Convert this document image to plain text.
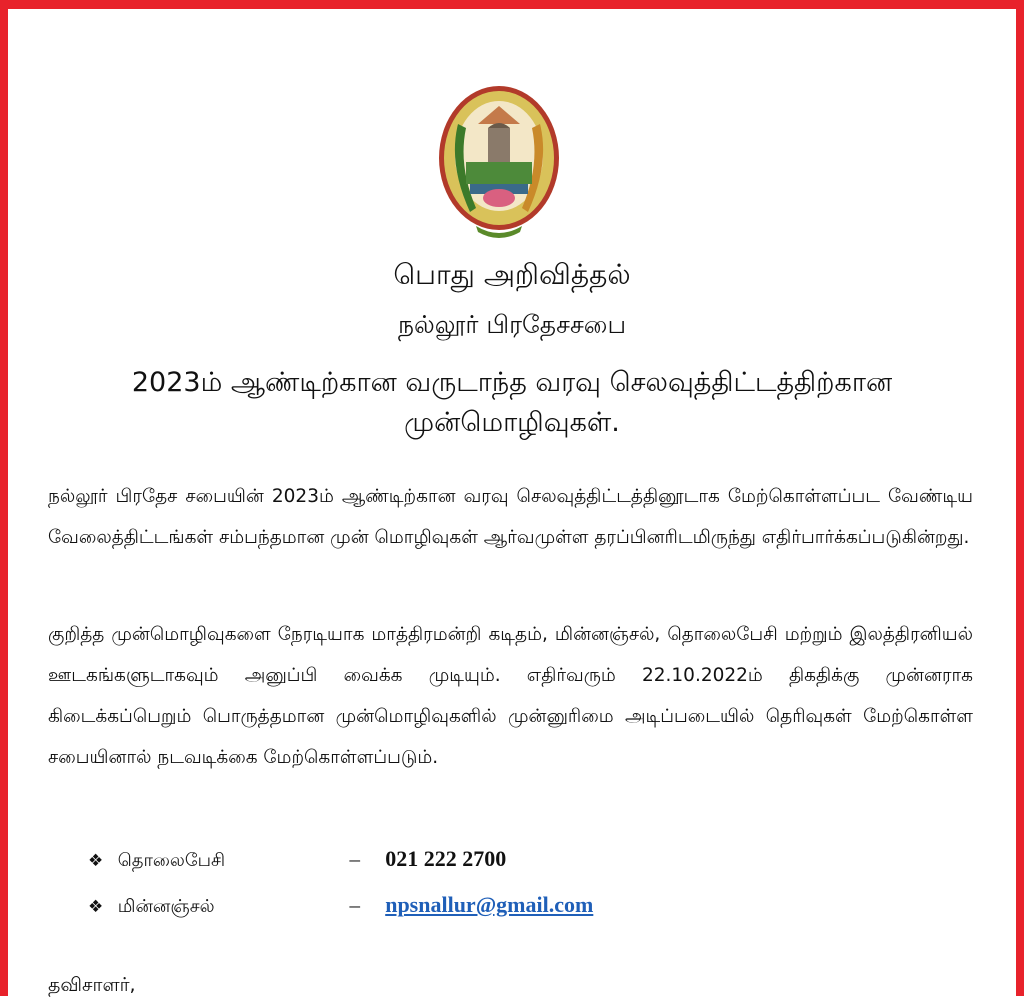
பொது அறிவித்தல்
நல்லூர் பிரதேசசபை
2023ம் ஆண்டிற்கான வருடாந்த வரவு செலவுத்திட்டத்திற்கான
முன்மொழிவுகள்.

நல்லூர் பிரதேச சபையின் 2023ம் ஆண்டிற்கான வரவு செலவுத்திட்டத்தினூடாக மேற்கொள்ளப்பட வேண்டிய வேலைத்திட்டங்கள் சம்பந்தமான முன் மொழிவுகள் ஆர்வமுள்ள தரப்பினரிடமிருந்து எதிர்பார்க்கப்படுகின்றது.

குறித்த முன்மொழிவுகளை நேரடியாக மாத்திரமன்றி கடிதம், மின்னஞ்சல், தொலைபேசி மற்றும் இலத்திரனியல் ஊடகங்களுடாகவும் அனுப்பி வைக்க முடியும். எதிர்வரும் 22.10.2022ம் திகதிக்கு முன்னராக கிடைக்கப்பெறும் பொருத்தமான முன்மொழிவுகளில் முன்னுரிமை அடிப்படையில் தெரிவுகள் மேற்கொள்ள சபையினால் நடவடிக்கை மேற்கொள்ளப்படும்.

❖ தொலைபேசி	– 021 222 2700
❖ மின்னஞ்சல்	– npsnallur@gmail.com
தவிசாளர்,
